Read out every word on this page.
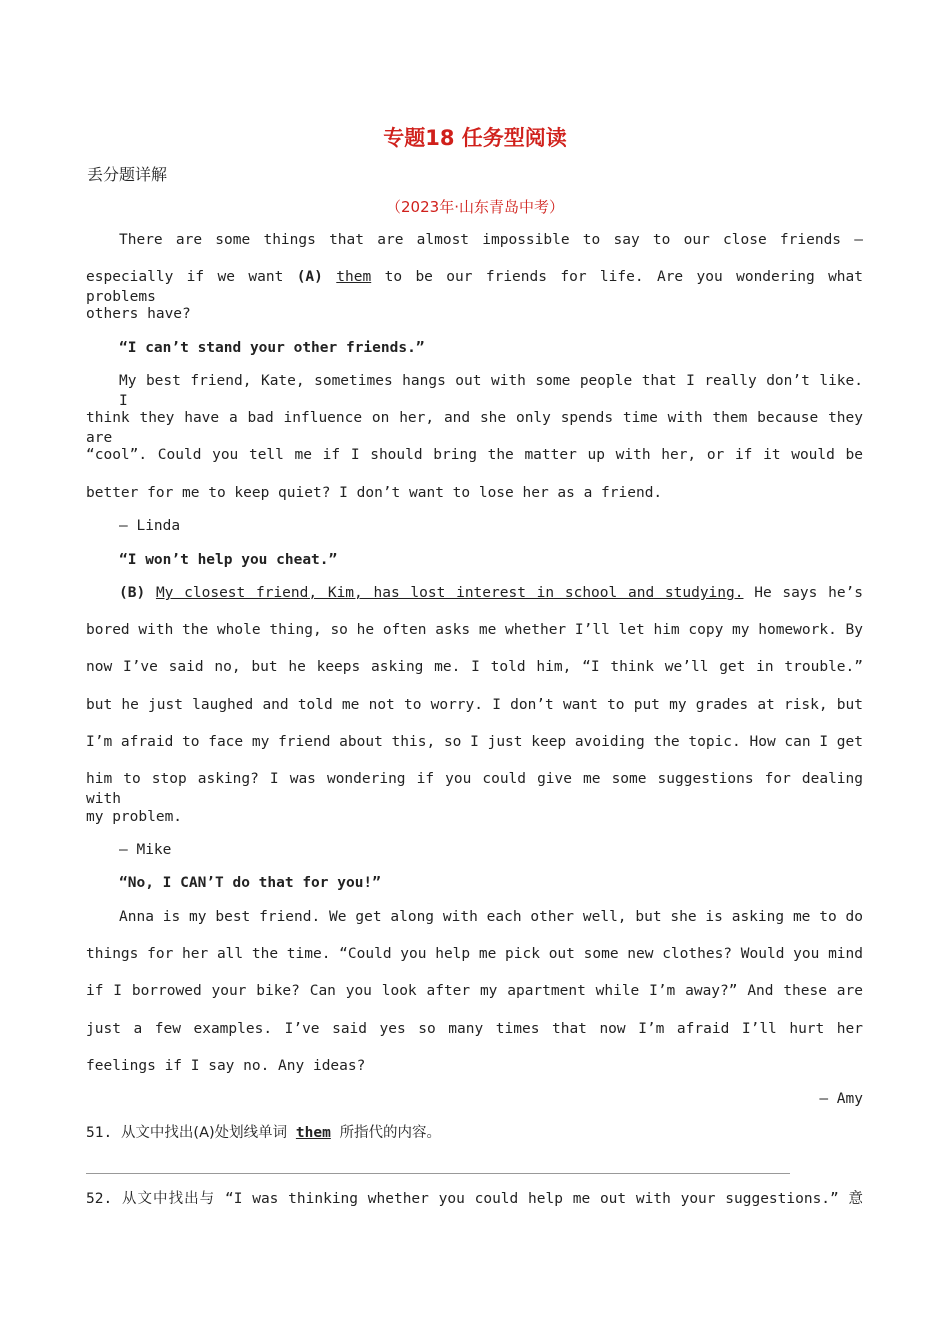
专题18 任务型阅读
丢分题详解
（2023年·山东青岛中考）
There are some things that are almost impossible to say to our close friends —
especially if we want (A) them to be our friends for life. Are you wondering what problems
others have?
“I can’t stand your other friends.”
My best friend, Kate, sometimes hangs out with some people that I really don’t like. I
think they have a bad influence on her, and she only spends time with them because they are
“cool”. Could you tell me if I should bring the matter up with her, or if it would be
better for me to keep quiet? I don’t want to lose her as a friend.
— Linda
“I won’t help you cheat.”
(B) My closest friend, Kim, has lost interest in school and studying. He says he’s
bored with the whole thing, so he often asks me whether I’ll let him copy my homework. By
now I’ve said no, but he keeps asking me. I told him, “I think we’ll get in trouble.”
but he just laughed and told me not to worry. I don’t want to put my grades at risk, but
I’m afraid to face my friend about this, so I just keep avoiding the topic. How can I get
him to stop asking? I was wondering if you could give me some suggestions for dealing with
my problem.
— Mike
“No, I CAN’T do that for you!”
Anna is my best friend. We get along with each other well, but she is asking me to do
things for her all the time. “Could you help me pick out some new clothes? Would you mind
if I borrowed your bike? Can you look after my apartment while I’m away?” And these are
just a few examples. I’ve said yes so many times that now I’m afraid I’ll hurt her
feelings if I say no. Any ideas?
— Amy
51. 从文中找出(A)处划线单词 them 所指代的内容。
52. 从文中找出与 “I was thinking whether you could help me out with your suggestions.” 意
